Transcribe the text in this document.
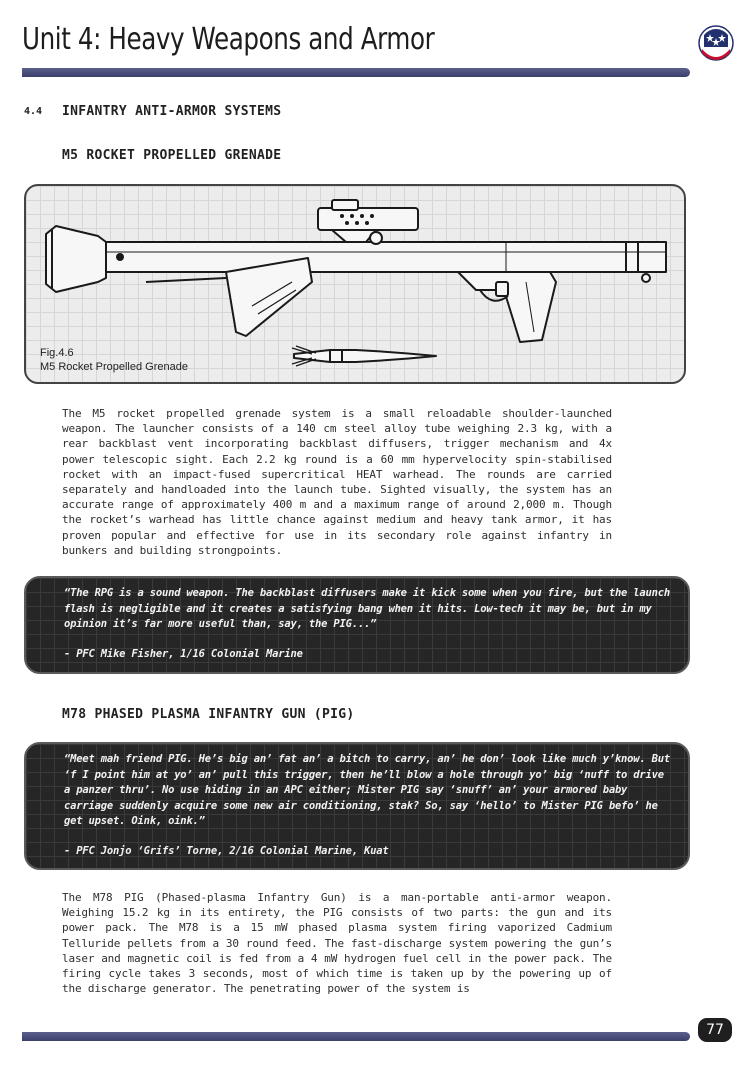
Unit 4: Heavy Weapons and Armor
4.4 INFANTRY ANTI-ARMOR SYSTEMS
M5 ROCKET PROPELLED GRENADE
Fig.4.6
M5 Rocket Propelled Grenade

The M5 rocket propelled grenade system is a small reloadable shoulder-launched weapon. The launcher consists of a 140 cm steel alloy tube weighing 2.3 kg, with a rear backblast vent incorporating backblast diffusers, trigger mechanism and 4x power telescopic sight. Each 2.2 kg round is a 60 mm hypervelocity spin-stabilised rocket with an impact-fused supercritical HEAT warhead. The rounds are carried separately and handloaded into the launch tube. Sighted visually, the system has an accurate range of approximately 400 m and a maximum range of around 2,000 m. Though the rocket’s warhead has little chance against medium and heavy tank armor, it has proven popular and effective for use in its secondary role against infantry in bunkers and building strongpoints.

“The RPG is a sound weapon. The backblast diffusers make it kick some when you fire, but the launch flash is negligible and it creates a satisfying bang when it hits. Low-tech it may be, but in my opinion it’s far more useful than, say, the PIG...”

- PFC Mike Fisher, 1/16 Colonial Marine

M78 PHASED PLASMA INFANTRY GUN (PIG)

“Meet mah friend PIG. He’s big an’ fat an’ a bitch to carry, an’ he don’ look like much y’know. But ‘f I point him at yo’ an’ pull this trigger, then he’ll blow a hole through yo’ big ‘nuff to drive a panzer thru’. No use hiding in an APC either; Mister PIG say ‘snuff’ an’ your armored baby carriage suddenly acquire some new air conditioning, stak? So, say ‘hello’ to Mister PIG befo’ he get upset. Oink, oink.”

- PFC Jonjo ‘Grifs’ Torne, 2/16 Colonial Marine, Kuat

The M78 PIG (Phased-plasma Infantry Gun) is a man-portable anti-armor weapon. Weighing 15.2 kg in its entirety, the PIG consists of two parts: the gun and its power pack. The M78 is a 15 mW phased plasma system firing vaporized Cadmium Telluride pellets from a 30 round feed. The fast-discharge system powering the gun’s laser and magnetic coil is fed from a 4 mW hydrogen fuel cell in the power pack. The firing cycle takes 3 seconds, most of which time is taken up by the powering up of the discharge generator. The penetrating power of the system is

77
